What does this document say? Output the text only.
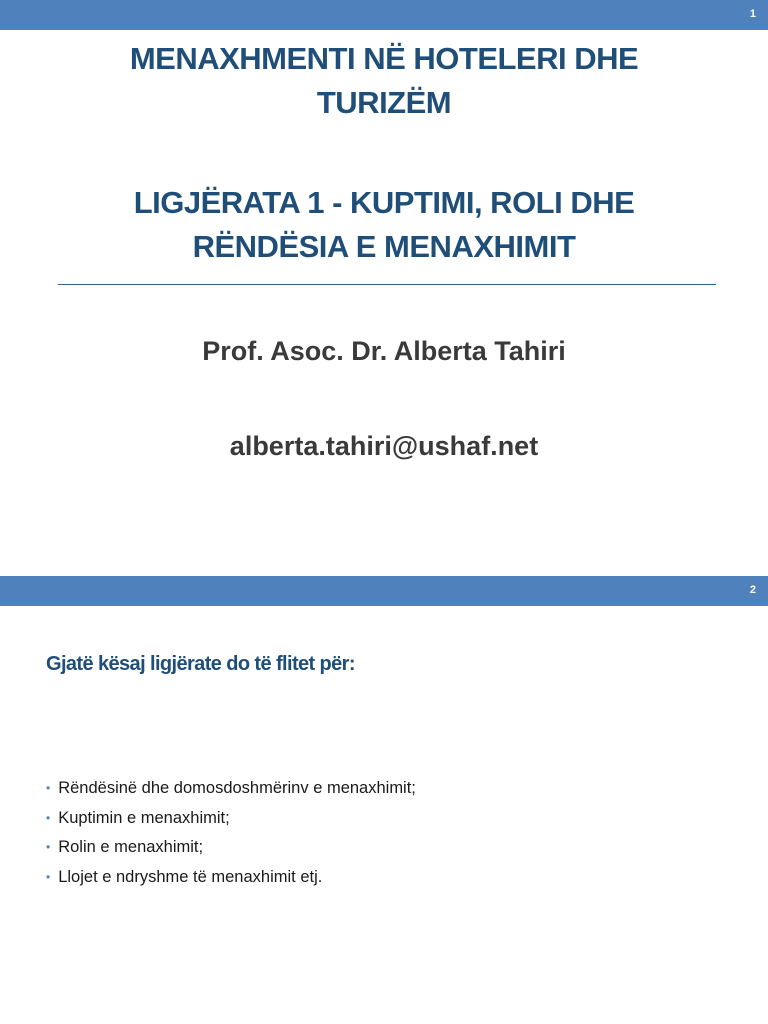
1
MENAXHMENTI NË HOTELERI DHE
TURIZËM
LIGJËRATA 1 - KUPTIMI, ROLI DHE
RËNDËSIA E MENAXHIMIT
Prof. Asoc. Dr. Alberta Tahiri
alberta.tahiri@ushaf.net
2
Gjatë kësaj ligjërate do të flitet për:
• Rëndësinë dhe domosdoshmërinv e menaxhimit;
• Kuptimin e menaxhimit;
• Rolin e menaxhimit;
• Llojet e ndryshme të menaxhimit etj.
